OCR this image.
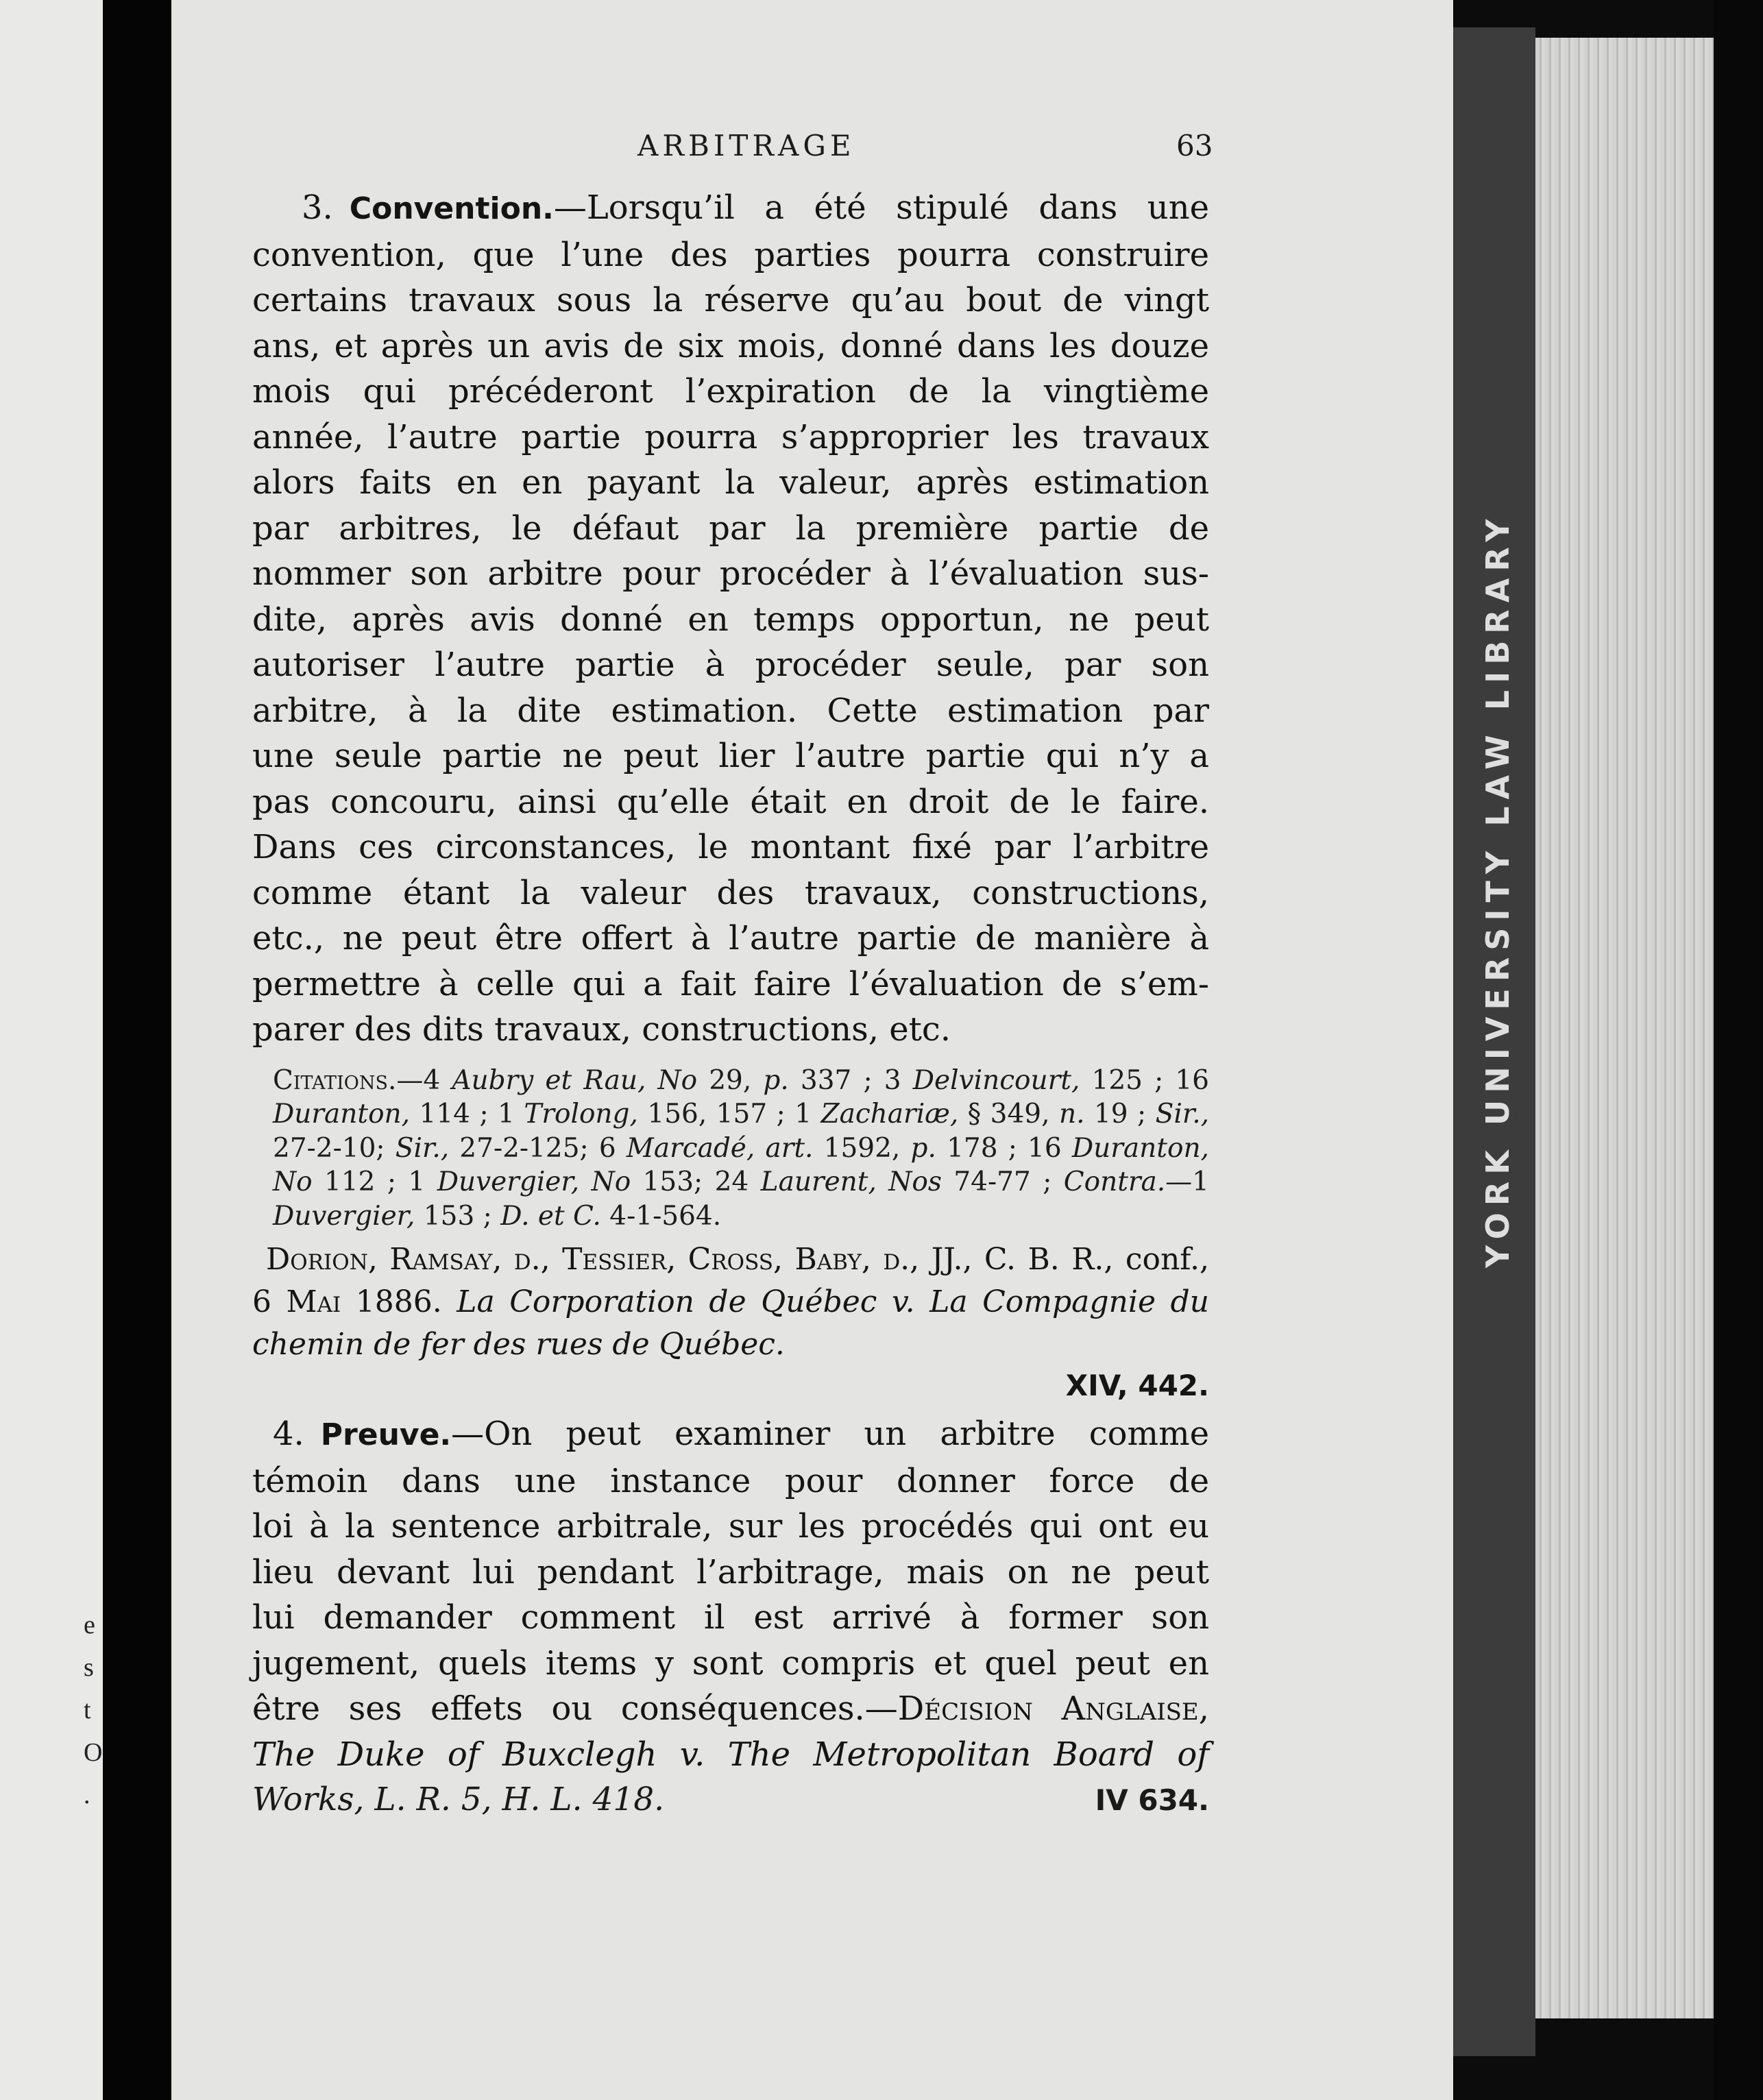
e
s
t
O
.
YORK UNIVERSITY LAW LIBRARY
ARBITRAGE	63
3. Convention.—Lorsqu’il a été stipulé dans une
convention, que l’une des parties pourra construire
certains travaux sous la réserve qu’au bout de vingt
ans, et après un avis de six mois, donné dans les douze
mois qui précéderont l’expiration de la vingtième
année, l’autre partie pourra s’approprier les travaux
alors faits en en payant la valeur, après estimation
par arbitres, le défaut par la première partie de
nommer son arbitre pour procéder à l’évaluation sus-
dite, après avis donné en temps opportun, ne peut
autoriser l’autre partie à procéder seule, par son
arbitre, à la dite estimation. Cette estimation par
une seule partie ne peut lier l’autre partie qui n’y a
pas concouru, ainsi qu’elle était en droit de le faire.
Dans ces circonstances, le montant fixé par l’arbitre
comme étant la valeur des travaux, constructions,
etc., ne peut être offert à l’autre partie de manière à
permettre à celle qui a fait faire l’évaluation de s’em-
parer des dits travaux, constructions, etc.

Citations.—4 Aubry et Rau, No 29, p. 337 ; 3 Delvincourt, 125 ; 16 Duranton, 114 ; 1 Trolong, 156, 157 ; 1 Zachariæ, § 349, n. 19 ; Sir., 27-2-10; Sir., 27-2-125; 6 Marcadé, art. 1592, p. 178 ; 16 Duranton, No 112 ; 1 Duvergier, No 153; 24 Laurent, Nos 74-77 ; Contra.—1 Duvergier, 153 ; D. et C. 4-1-564.

Dorion, Ramsay, d., Tessier, Cross, Baby, d., JJ., C. B. R., conf., 6 Mai 1886. La Corporation de Québec v. La Compagnie du chemin de fer des rues de Québec.
XIV, 442.

4. Preuve.—On peut examiner un arbitre comme
témoin dans une instance pour donner force de
loi à la sentence arbitrale, sur les procédés qui ont eu
lieu devant lui pendant l’arbitrage, mais on ne peut
lui demander comment il est arrivé à former son
jugement, quels items y sont compris et quel peut en
être ses effets ou conséquences.—Décision Anglaise,
The Duke of Buxclegh v. The Metropolitan Board of
Works, L. R. 5, H. L. 418.	IV 634.
